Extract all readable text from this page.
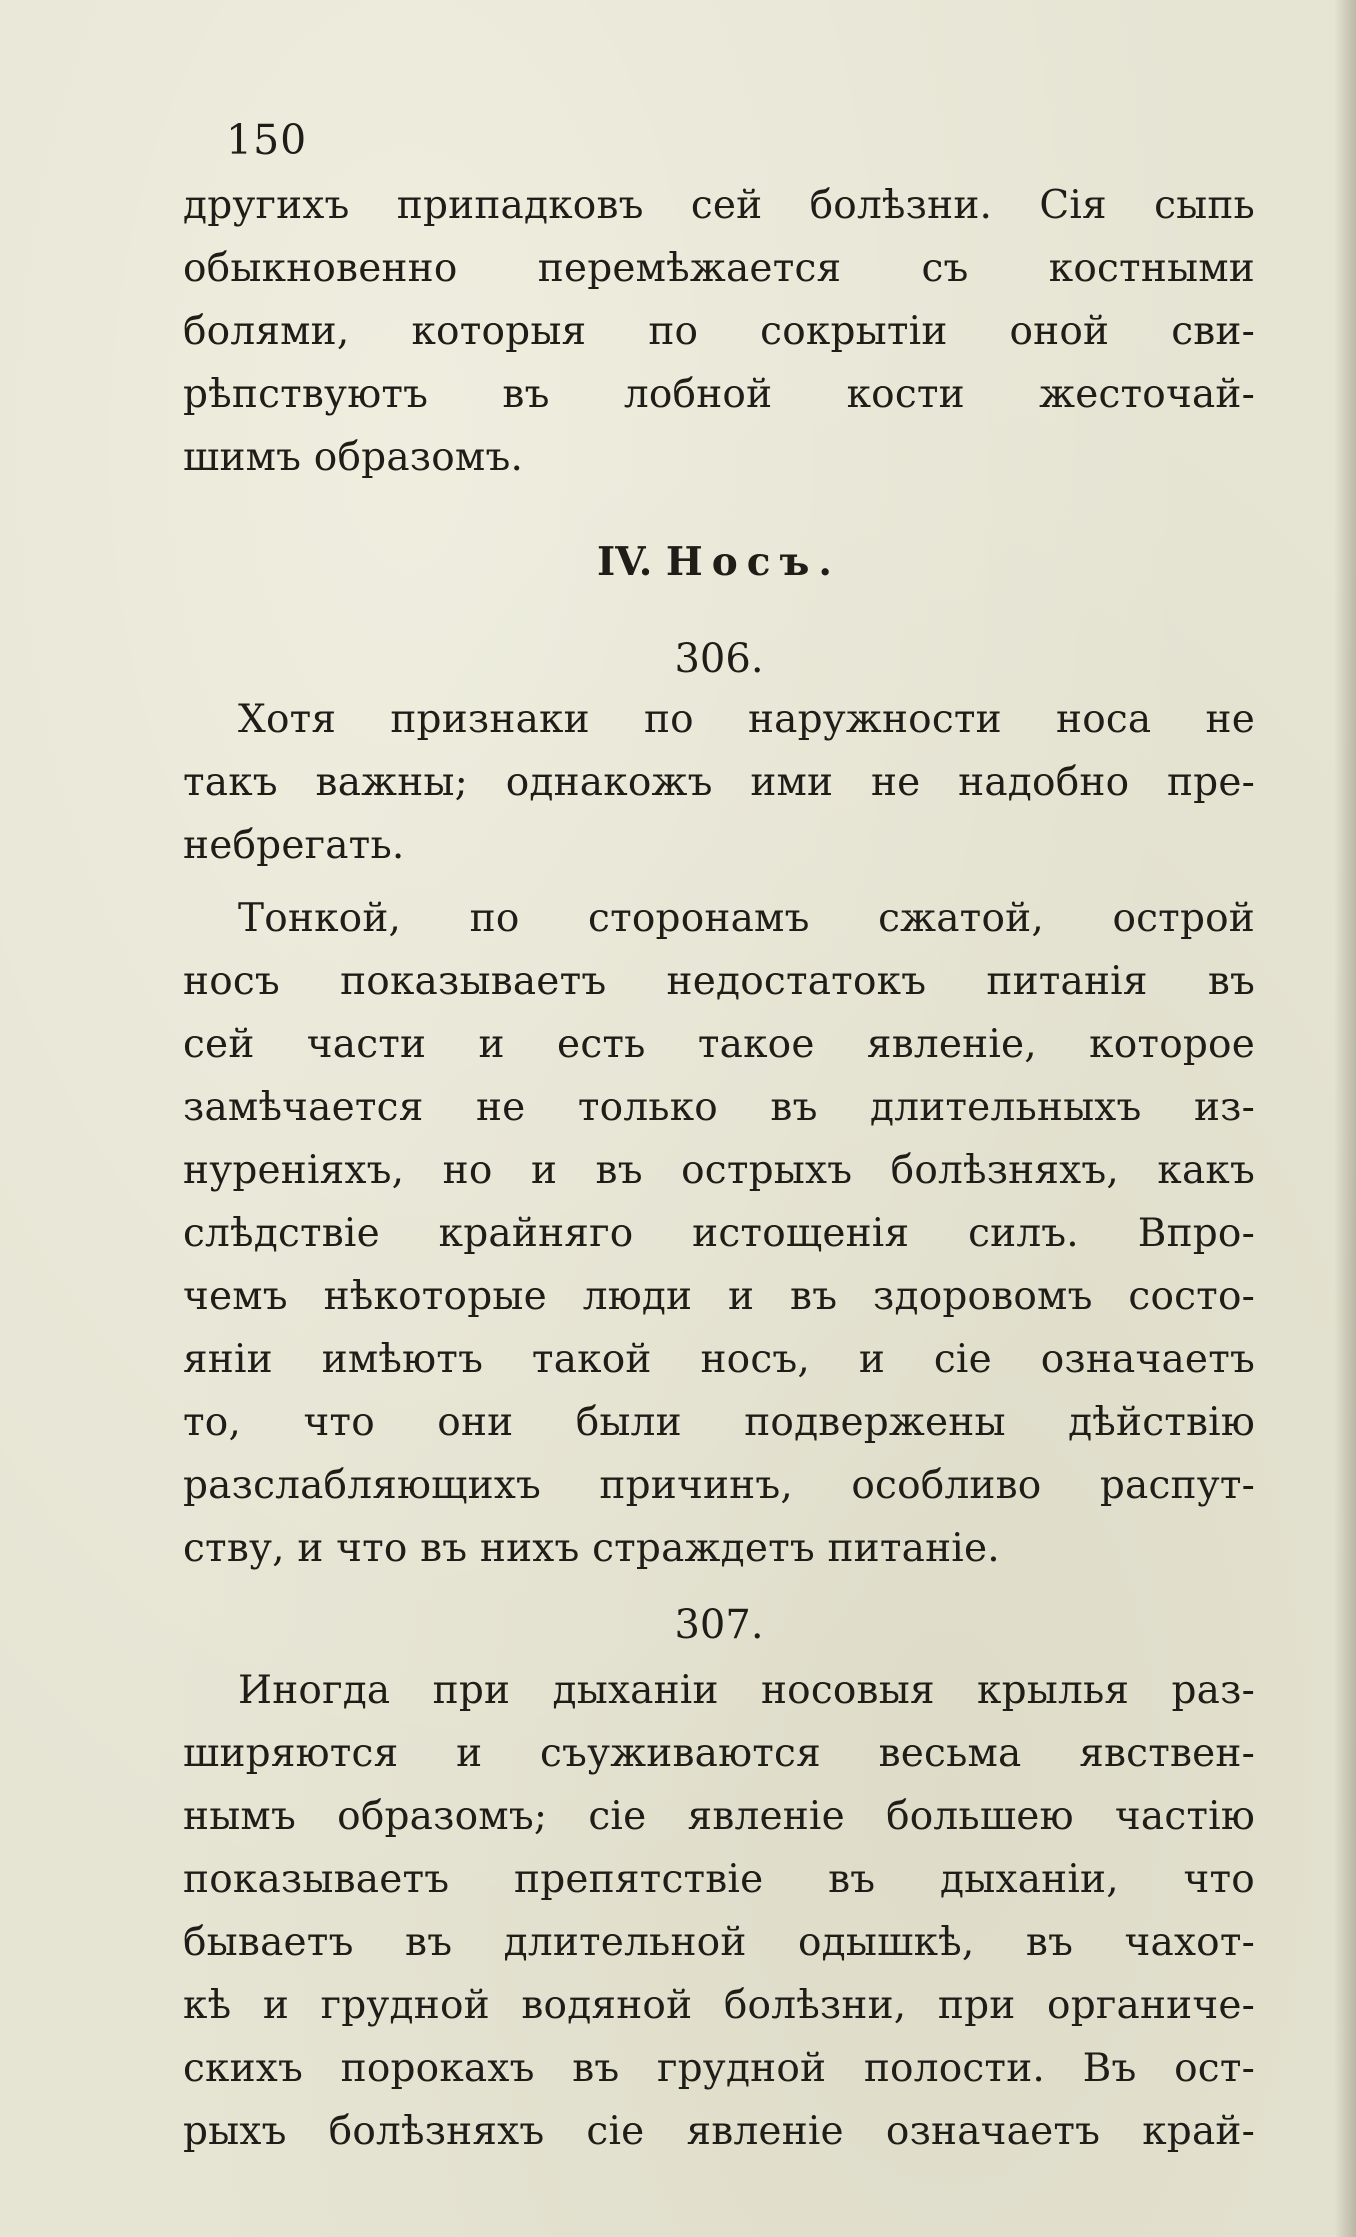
150
другихъ припадковъ сей болѣзни. Сія сыпь
обыкновенно перемѣжается съ костными
болями, которыя по сокрытіи оной сви-
рѣпствуютъ въ лобной кости жесточай-
шимъ образомъ.
IV. Носъ.
306.
Хотя признаки по наружности носа не
такъ важны; однакожъ ими не надобно пре-
небрегать.
Тонкой, по сторонамъ сжатой, острой
носъ показываетъ недостатокъ питанія въ
сей части и есть такое явленіе, которое
замѣчается не только въ длительныхъ из-
нуреніяхъ, но и въ острыхъ болѣзняхъ, какъ
слѣдствіе крайняго истощенія силъ. Впро-
чемъ нѣкоторые люди и въ здоровомъ состо-
яніи имѣютъ такой носъ, и сіе означаетъ
то, что они были подвержены дѣйствію
разслабляющихъ причинъ, особливо распут-
ству, и что въ нихъ страждетъ питаніе.
307.
Иногда при дыханіи носовыя крылья раз-
ширяются и съуживаются весьма явствен-
нымъ образомъ; сіе явленіе большею частію
показываетъ препятствіе въ дыханіи, что
бываетъ въ длительной одышкѣ, въ чахот-
кѣ и грудной водяной болѣзни, при органиче-
скихъ порокахъ въ грудной полости. Въ ост-
рыхъ болѣзняхъ сіе явленіе означаетъ край-
